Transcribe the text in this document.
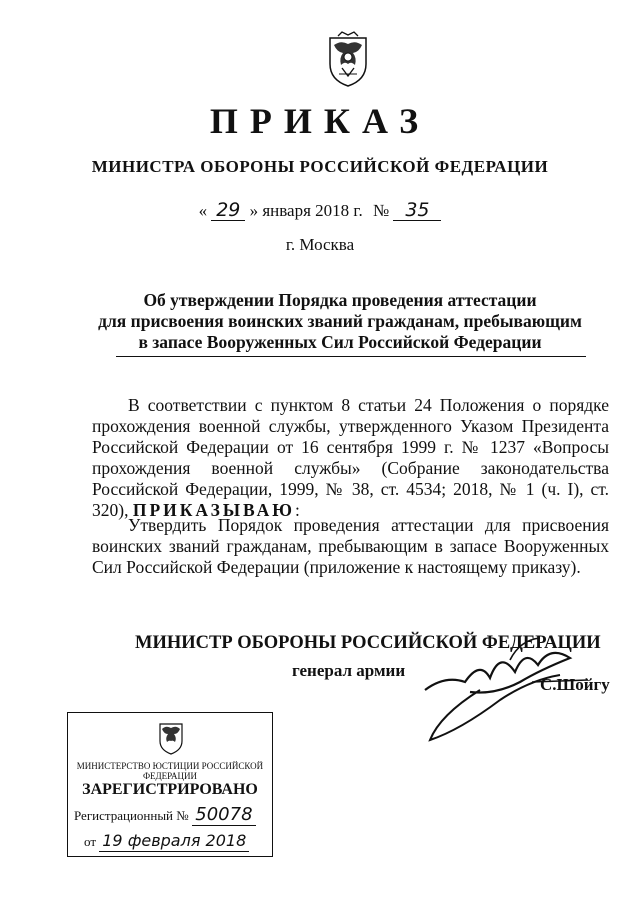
ПРИКАЗ
МИНИСТРА ОБОРОНЫ РОССИЙСКОЙ ФЕДЕРАЦИИ
« 29 » января 2018 г. № 35
г. Москва
Об утверждении Порядка проведения аттестации
для присвоения воинских званий гражданам, пребывающим
в запасе Вооруженных Сил Российской Федерации
В соответствии с пунктом 8 статьи 24 Положения о порядке прохождения военной службы, утвержденного Указом Президента Российской Федерации от 16 сентября 1999 г. № 1237 «Вопросы прохождения военной службы» (Собрание законодательства Российской Федерации, 1999, № 38, ст. 4534; 2018, № 1 (ч. I), ст. 320), ПРИКАЗЫВАЮ:
Утвердить Порядок проведения аттестации для присвоения воинских званий гражданам, пребывающим в запасе Вооруженных Сил Российской Федерации (приложение к настоящему приказу).
МИНИСТР ОБОРОНЫ РОССИЙСКОЙ ФЕДЕРАЦИИ
генерал армии
С.Шойгу
МИНИСТЕРСТВО ЮСТИЦИИ РОССИЙСКОЙ ФЕДЕРАЦИИ
ЗАРЕГИСТРИРОВАНО
Регистрационный № 50078
от 19 февраля 2018
